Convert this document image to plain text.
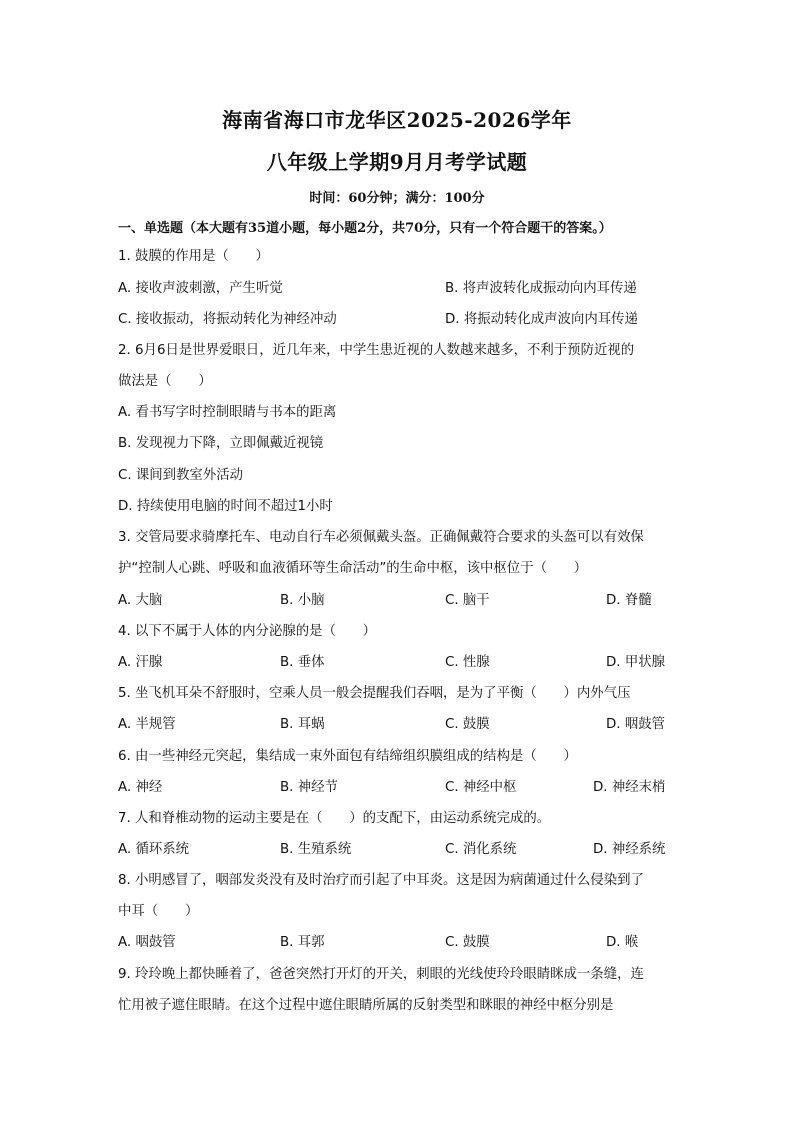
海南省海口市龙华区2025-2026学年
八年级上学期9月月考学试题
时间：60分钟；满分：100分
一、单选题（本大题有35道小题，每小题2分，共70分，只有一个符合题干的答案。）
1. 鼓膜的作用是（　　）
A. 接收声波刺激，产生听觉	B. 将声波转化成振动向内耳传递
C. 接收振动，将振动转化为神经冲动	D. 将振动转化成声波向内耳传递
2. 6月6日是世界爱眼日，近几年来，中学生患近视的人数越来越多，不利于预防近视的
做法是（　　）
A. 看书写字时控制眼睛与书本的距离
B. 发现视力下降，立即佩戴近视镜
C. 课间到教室外活动
D. 持续使用电脑的时间不超过1小时
3. 交管局要求骑摩托车、电动自行车必须佩戴头盔。正确佩戴符合要求的头盔可以有效保
护“控制人心跳、呼吸和血液循环等生命活动”的生命中枢，该中枢位于（　　）
A. 大脑	B. 小脑	C. 脑干	D. 脊髓
4. 以下不属于人体的内分泌腺的是（　　）
A. 汗腺	B. 垂体	C. 性腺	D. 甲状腺
5. 坐飞机耳朵不舒服时，空乘人员一般会提醒我们吞咽，是为了平衡（　　）内外气压
A. 半规管	B. 耳蜗	C. 鼓膜	D. 咽鼓管
6. 由一些神经元突起，集结成一束外面包有结缔组织膜组成的结构是（　　）
A. 神经	B. 神经节	C. 神经中枢	D. 神经末梢
7. 人和脊椎动物的运动主要是在（　　）的支配下，由运动系统完成的。
A. 循环系统	B. 生殖系统	C. 消化系统	D. 神经系统
8. 小明感冒了，咽部发炎没有及时治疗而引起了中耳炎。这是因为病菌通过什么侵染到了
中耳（　　）
A. 咽鼓管	B. 耳郭	C. 鼓膜	D. 喉
9. 玲玲晚上都快睡着了，爸爸突然打开灯的开关，刺眼的光线使玲玲眼睛眯成一条缝，连
忙用被子遮住眼睛。在这个过程中遮住眼睛所属的反射类型和眯眼的神经中枢分别是
